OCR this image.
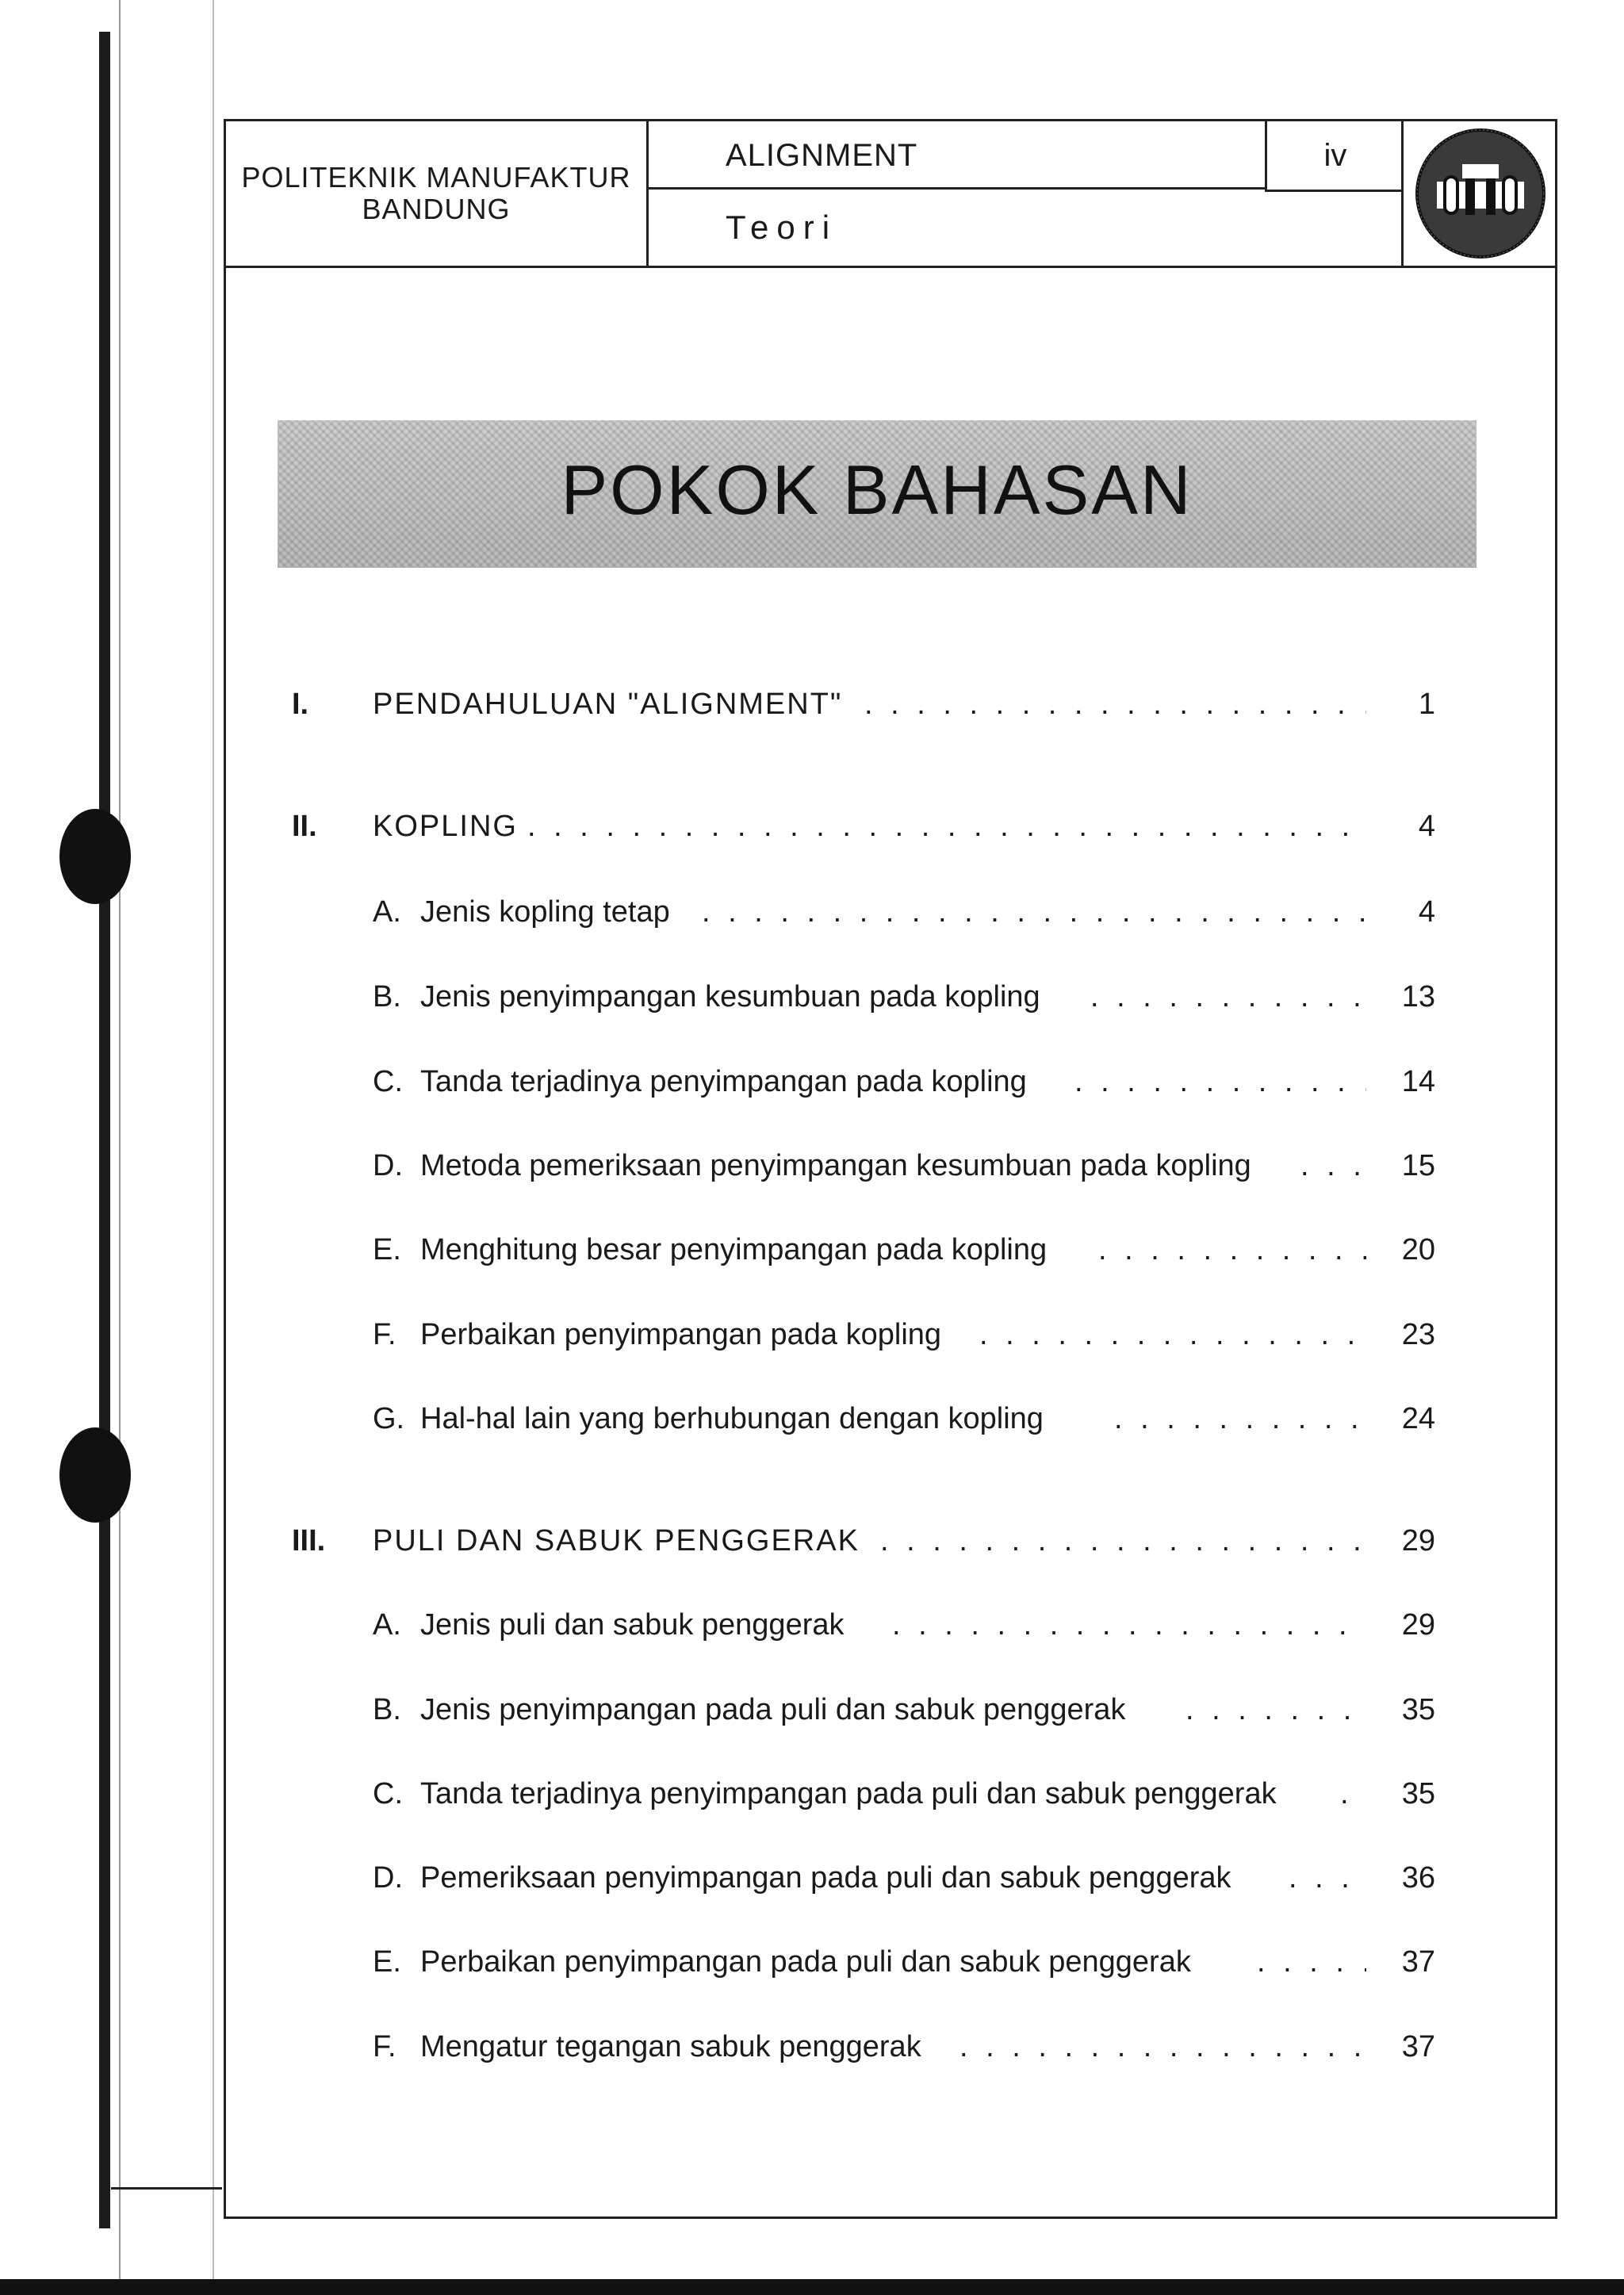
POLITEKNIK MANUFAKTUR
BANDUNG
ALIGNMENT	iv
Teori
POKOK BAHASAN
I. PENDAHULUAN "ALIGNMENT" . . .	1
II. KOPLING . . .	4
A. Jenis kopling tetap . . .	4
B. Jenis penyimpangan kesumbuan pada kopling . . .	13
C. Tanda terjadinya penyimpangan pada kopling . . .	14
D. Metoda pemeriksaan penyimpangan kesumbuan pada kopling . . .	15
E. Menghitung besar penyimpangan pada kopling . . .	20
F. Perbaikan penyimpangan pada kopling . . .	23
G. Hal-hal lain yang berhubungan dengan kopling . . .	24
III. PULI DAN SABUK PENGGERAK . . .	29
A. Jenis puli dan sabuk penggerak . . .	29
B. Jenis penyimpangan pada puli dan sabuk penggerak . . .	35
C. Tanda terjadinya penyimpangan pada puli dan sabuk penggerak . . .	35
D. Pemeriksaan penyimpangan pada puli dan sabuk penggerak . . .	36
E. Perbaikan penyimpangan pada puli dan sabuk penggerak . . .	37
F. Mengatur tegangan sabuk penggerak . . .	37
